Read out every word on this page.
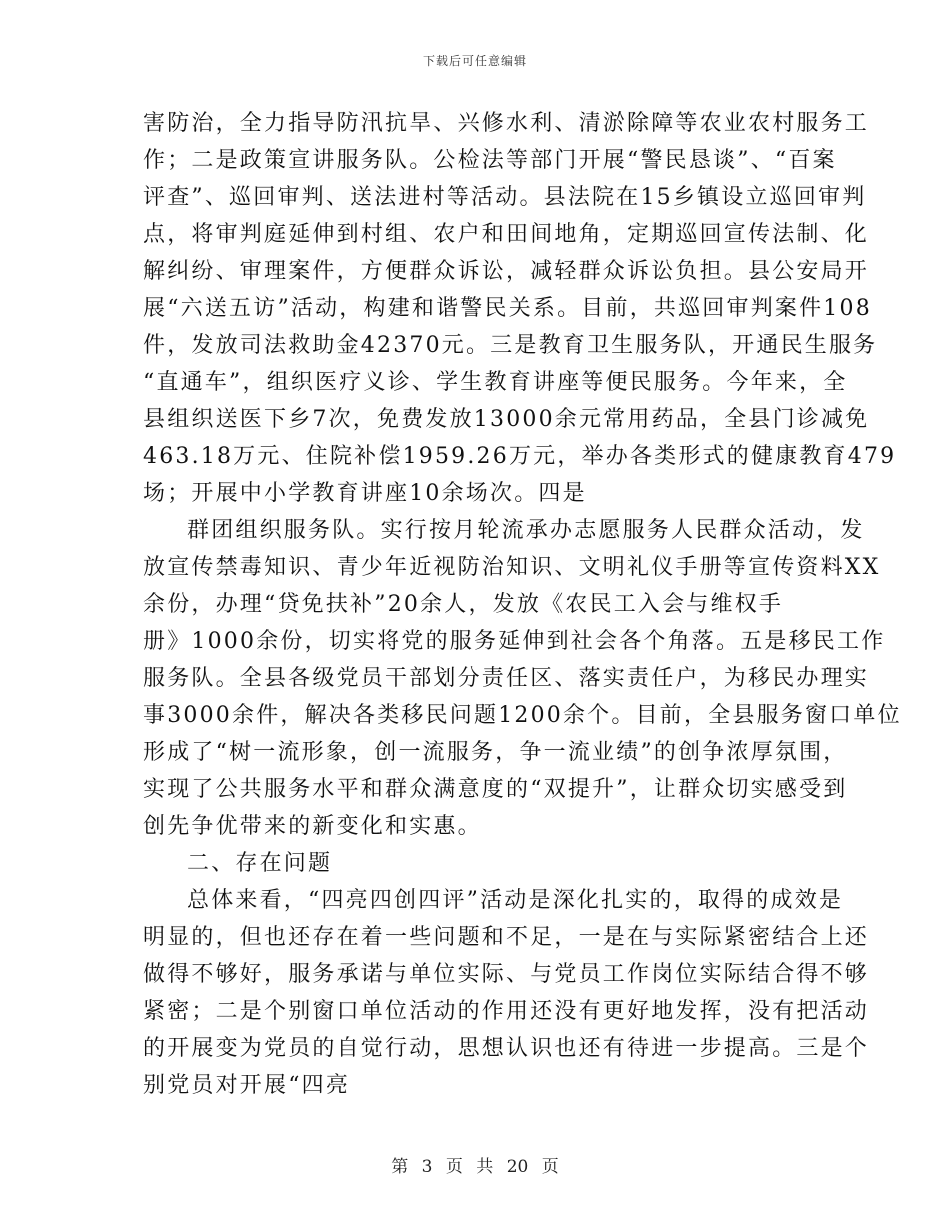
下载后可任意编辑
害防治，全力指导防汛抗旱、兴修水利、清淤除障等农业农村服务工
作；二是政策宣讲服务队。公检法等部门开展“警民恳谈”、“百案
评查”、巡回审判、送法进村等活动。县法院在15乡镇设立巡回审判
点，将审判庭延伸到村组、农户和田间地角，定期巡回宣传法制、化
解纠纷、审理案件，方便群众诉讼，减轻群众诉讼负担。县公安局开
展“六送五访”活动，构建和谐警民关系。目前，共巡回审判案件108
件，发放司法救助金42370元。三是教育卫生服务队，开通民生服务
“直通车”，组织医疗义诊、学生教育讲座等便民服务。今年来，全
县组织送医下乡7次，免费发放13000余元常用药品，全县门诊减免
463.18万元、住院补偿1959.26万元，举办各类形式的健康教育479
场；开展中小学教育讲座10余场次。四是
群团组织服务队。实行按月轮流承办志愿服务人民群众活动，发
放宣传禁毒知识、青少年近视防治知识、文明礼仪手册等宣传资料XX
余份，办理“贷免扶补”20余人，发放《农民工入会与维权手
册》1000余份，切实将党的服务延伸到社会各个角落。五是移民工作
服务队。全县各级党员干部划分责任区、落实责任户，为移民办理实
事3000余件，解决各类移民问题1200余个。目前，全县服务窗口单位
形成了“树一流形象，创一流服务，争一流业绩”的创争浓厚氛围，
实现了公共服务水平和群众满意度的“双提升”，让群众切实感受到
创先争优带来的新变化和实惠。
二、存在问题
总体来看，“四亮四创四评”活动是深化扎实的，取得的成效是
明显的，但也还存在着一些问题和不足，一是在与实际紧密结合上还
做得不够好，服务承诺与单位实际、与党员工作岗位实际结合得不够
紧密；二是个别窗口单位活动的作用还没有更好地发挥，没有把活动
的开展变为党员的自觉行动，思想认识也还有待进一步提高。三是个
别党员对开展“四亮
第 3 页 共 20 页
